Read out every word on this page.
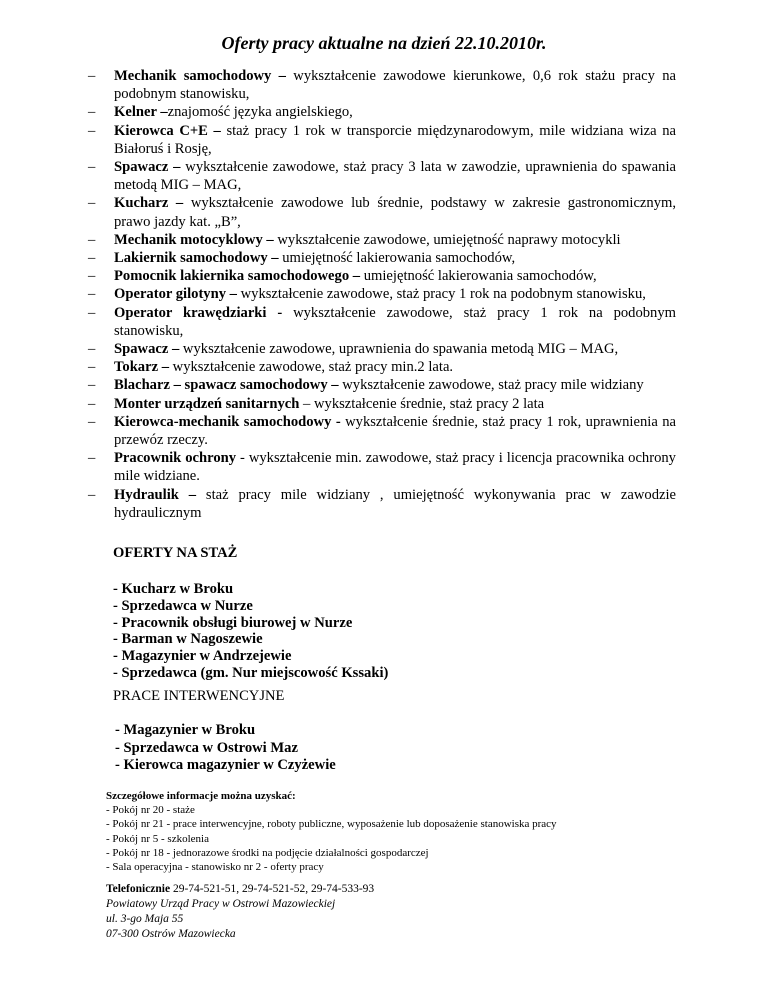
Oferty pracy aktualne na dzień 22.10.2010r.
– Mechanik samochodowy – wykształcenie zawodowe kierunkowe, 0,6 rok stażu pracy na podobnym stanowisku,
– Kelner –znajomość języka angielskiego,
– Kierowca C+E – staż pracy 1 rok w transporcie międzynarodowym, mile widziana wiza na Białoruś i Rosję,
– Spawacz – wykształcenie zawodowe, staż pracy 3 lata w zawodzie, uprawnienia do spawania metodą MIG – MAG,
– Kucharz – wykształcenie zawodowe lub średnie, podstawy w zakresie gastronomicznym, prawo jazdy kat. „B”,
– Mechanik motocyklowy – wykształcenie zawodowe, umiejętność naprawy motocykli
– Lakiernik samochodowy – umiejętność lakierowania samochodów,
– Pomocnik lakiernika samochodowego – umiejętność lakierowania samochodów,
– Operator gilotyny – wykształcenie zawodowe, staż pracy 1 rok na podobnym stanowisku,
– Operator krawędziarki - wykształcenie zawodowe, staż pracy 1 rok na podobnym stanowisku,
– Spawacz – wykształcenie zawodowe, uprawnienia do spawania metodą MIG – MAG,
– Tokarz – wykształcenie zawodowe, staż pracy min.2 lata.
– Blacharz – spawacz samochodowy – wykształcenie zawodowe, staż pracy mile widziany
– Monter urządzeń sanitarnych – wykształcenie średnie, staż pracy 2 lata
– Kierowca-mechanik samochodowy - wykształcenie średnie, staż pracy 1 rok, uprawnienia na przewóz rzeczy.
– Pracownik ochrony - wykształcenie min. zawodowe, staż pracy i licencja pracownika ochrony mile widziane.
– Hydraulik – staż pracy mile widziany , umiejętność wykonywania prac w zawodzie hydraulicznym
OFERTY NA STAŻ
- Kucharz w Broku
- Sprzedawca w Nurze
- Pracownik obsługi biurowej w Nurze
- Barman w Nagoszewie
- Magazynier w Andrzejewie
- Sprzedawca (gm. Nur miejscowość Kssaki)
PRACE INTERWENCYJNE
- Magazynier w Broku
- Sprzedawca w Ostrowi Maz
- Kierowca magazynier w Czyżewie
Szczegółowe informacje można uzyskać:
- Pokój nr 20 - staże
- Pokój nr 21 - prace interwencyjne, roboty publiczne, wyposażenie lub doposażenie stanowiska pracy
- Pokój nr 5 - szkolenia
- Pokój nr 18 - jednorazowe środki na podjęcie działalności gospodarczej
- Sala operacyjna - stanowisko nr 2 - oferty pracy
Telefonicznie 29-74-521-51, 29-74-521-52, 29-74-533-93
Powiatowy Urząd Pracy w Ostrowi Mazowieckiej
ul. 3-go Maja 55
07-300 Ostrów Mazowiecka
